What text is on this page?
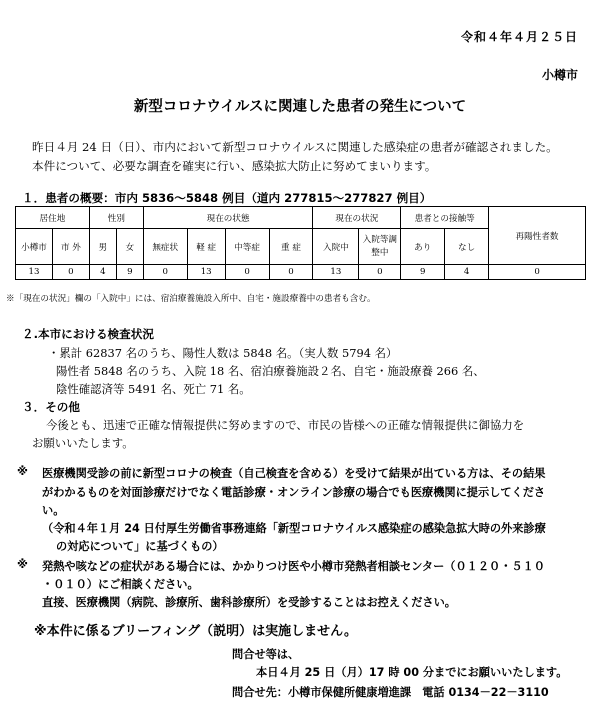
令和４年４月２５日
小樽市
新型コロナウイルスに関連した患者の発生について
昨日４月 24 日（日）、市内において新型コロナウイルスに関連した感染症の患者が確認されました。
本件について、必要な調査を確実に行い、感染拡大防止に努めてまいります。
１．患者の概要：市内 5836～5848 例目（道内 277815～277827 例目）
居住地		性別		現在の状態				現在の状況		患者との接触等		再陽性者数
小樽市	市 外	男	女	無症状	軽 症	中等症	重 症	入院中	入院等調整中	あり	なし	
13	0	4	9	0	13	0	0	13	0	9	4	0
※「現在の状況」欄の「入院中」には、宿泊療養施設入所中、自宅・施設療養中の患者も含む。
２.本市における検査状況
・累計 62837 名のうち、陽性人数は 5848 名。（実人数 5794 名）
陽性者 5848 名のうち、入院 18 名、宿泊療養施設２名、自宅・施設療養 266 名、
陰性確認済等 5491 名、死亡 71 名。
３．その他
今後とも、迅速で正確な情報提供に努めますので、市民の皆様への正確な情報提供に御協力を
お願いいたします。
※ 医療機関受診の前に新型コロナの検査（自己検査を含める）を受けて結果が出ている方は、その結果
がわかるものを対面診療だけでなく電話診療・オンライン診療の場合でも医療機関に提示してくださ
い。
（令和４年１月 24 日付厚生労働省事務連絡「新型コロナウイルス感染症の感染急拡大時の外来診療
の対応について」に基づくもの）
※ 発熱や咳などの症状がある場合には、かかりつけ医や小樽市発熱者相談センター（０１２０・５１０
・０１０）にご相談ください。
直接、医療機関（病院、診療所、歯科診療所）を受診することはお控えください。
※本件に係るブリーフィング（説明）は実施しません。
問合せ等は、
本日４月 25 日（月）17 時 00 分までにお願いいたします。
問合せ先：小樽市保健所健康増進課　電話 0134－22－3110
